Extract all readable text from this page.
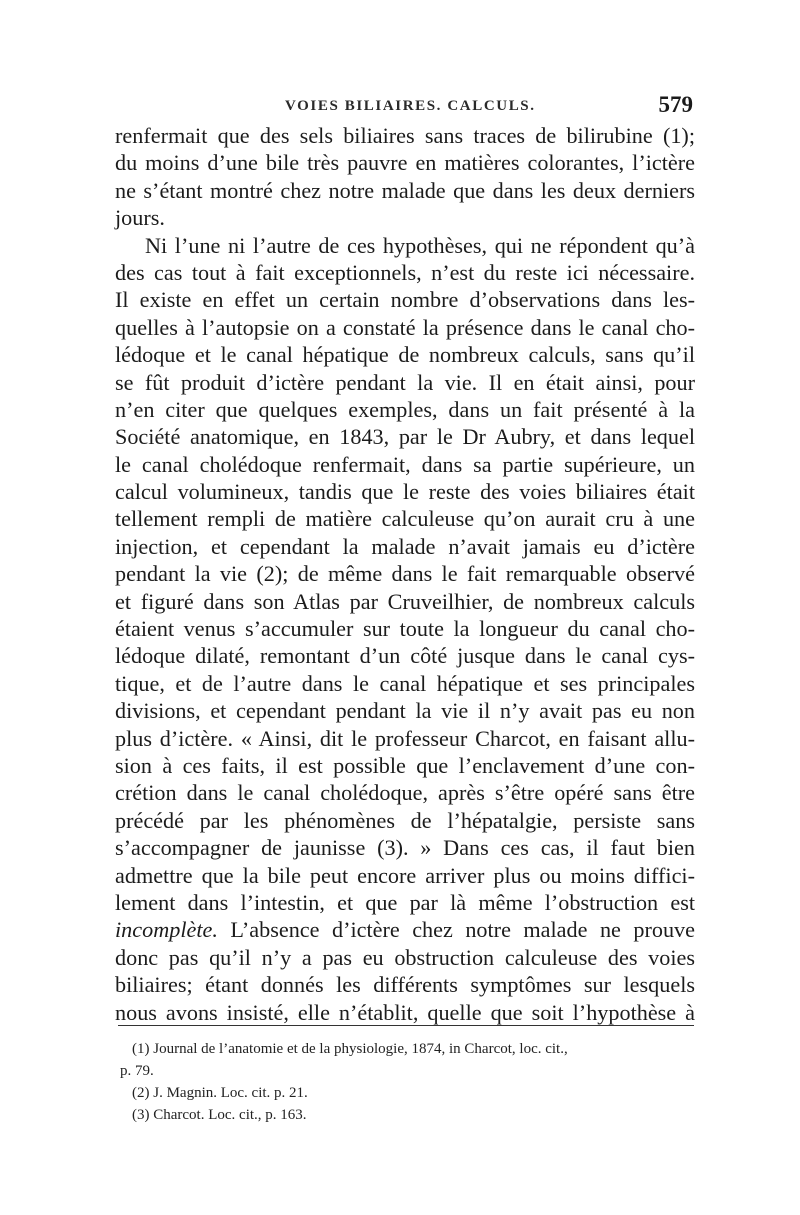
VOIES BILIAIRES. CALCULS.	579
renfermait que des sels biliaires sans traces de bilirubine (1);
du moins d’une bile très pauvre en matières colorantes, l’ictère
ne s’étant montré chez notre malade que dans les deux derniers
jours.
Ni l’une ni l’autre de ces hypothèses, qui ne répondent qu’à
des cas tout à fait exceptionnels, n’est du reste ici nécessaire.
Il existe en effet un certain nombre d’observations dans les-
quelles à l’autopsie on a constaté la présence dans le canal cho-
lédoque et le canal hépatique de nombreux calculs, sans qu’il
se fût produit d’ictère pendant la vie. Il en était ainsi, pour
n’en citer que quelques exemples, dans un fait présenté à la
Société anatomique, en 1843, par le Dr Aubry, et dans lequel
le canal cholédoque renfermait, dans sa partie supérieure, un
calcul volumineux, tandis que le reste des voies biliaires était
tellement rempli de matière calculeuse qu’on aurait cru à une
injection, et cependant la malade n’avait jamais eu d’ictère
pendant la vie (2); de même dans le fait remarquable observé
et figuré dans son Atlas par Cruveilhier, de nombreux calculs
étaient venus s’accumuler sur toute la longueur du canal cho-
lédoque dilaté, remontant d’un côté jusque dans le canal cys-
tique, et de l’autre dans le canal hépatique et ses principales
divisions, et cependant pendant la vie il n’y avait pas eu non
plus d’ictère. « Ainsi, dit le professeur Charcot, en faisant allu-
sion à ces faits, il est possible que l’enclavement d’une con-
crétion dans le canal cholédoque, après s’être opéré sans être
précédé par les phénomènes de l’hépatalgie, persiste sans
s’accompagner de jaunisse (3). » Dans ces cas, il faut bien
admettre que la bile peut encore arriver plus ou moins diffici-
lement dans l’intestin, et que par là même l’obstruction est
incomplète. L’absence d’ictère chez notre malade ne prouve
donc pas qu’il n’y a pas eu obstruction calculeuse des voies
biliaires; étant donnés les différents symptômes sur lesquels
nous avons insisté, elle n’établit, quelle que soit l’hypothèse à
(1) Journal de l’anatomie et de la physiologie, 1874, in Charcot, loc. cit.,
p. 79.
(2) J. Magnin. Loc. cit. p. 21.
(3) Charcot. Loc. cit., p. 163.
